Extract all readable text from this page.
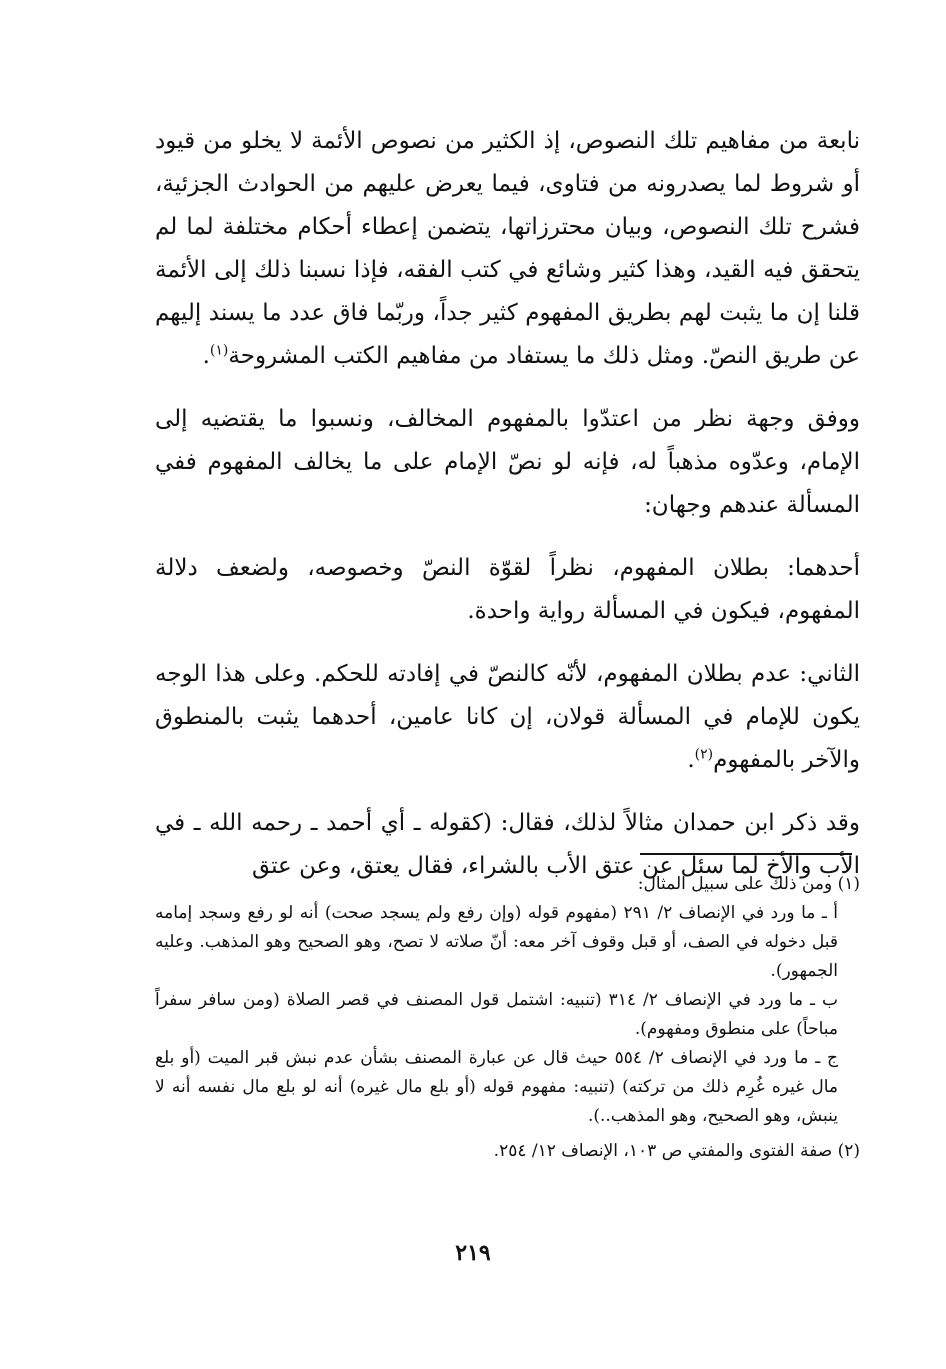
نابعة من مفاهيم تلك النصوص، إذ الكثير من نصوص الأئمة لا يخلو من قيود أو شروط لما يصدرونه من فتاوى، فيما يعرض عليهم من الحوادث الجزئية، فشرح تلك النصوص، وبيان محترزاتها، يتضمن إعطاء أحكام مختلفة لما لم يتحقق فيه القيد، وهذا كثير وشائع في كتب الفقه، فإذا نسبنا ذلك إلى الأئمة قلنا إن ما يثبت لهم بطريق المفهوم كثير جداً، وربّما فاق عدد ما يسند إليهم عن طريق النصّ. ومثل ذلك ما يستفاد من مفاهيم الكتب المشروحة$^{(١)}$.

ووفق وجهة نظر من اعتدّوا بالمفهوم المخالف، ونسبوا ما يقتضيه إلى الإمام، وعدّوه مذهباً له، فإنه لو نصّ الإمام على ما يخالف المفهوم ففي المسألة عندهم وجهان:

أحدهما: بطلان المفهوم، نظراً لقوّة النصّ وخصوصه، ولضعف دلالة المفهوم، فيكون في المسألة رواية واحدة.

الثاني: عدم بطلان المفهوم، لأنّه كالنصّ في إفادته للحكم. وعلى هذا الوجه يكون للإمام في المسألة قولان، إن كانا عامين، أحدهما يثبت بالمنطوق والآخر بالمفهوم$^{(٢)}$.

وقد ذكر ابن حمدان مثالاً لذلك، فقال: (كقوله ـ أي أحمد ـ رحمه الله ـ في الأب والأخ لما سئل عن عتق الأب بالشراء، فقال يعتق، وعن عتق

(١) ومن ذلك على سبيل المثال:

أ ـ ما ورد في الإنصاف ٢/ ٢٩١ (مفهوم قوله (وإن رفع ولم يسجد صحت) أنه لو رفع وسجد إمامه قبل دخوله في الصف، أو قبل وقوف آخر معه: أنّ صلاته لا تصح، وهو الصحيح وهو المذهب. وعليه الجمهور).

ب ـ ما ورد في الإنصاف ٢/ ٣١٤ (تنبيه: اشتمل قول المصنف في قصر الصلاة (ومن سافر سفراً مباحاً) على منطوق ومفهوم).

ج ـ ما ورد في الإنصاف ٢/ ٥٥٤ حيث قال عن عبارة المصنف بشأن عدم نبش قبر الميت (أو بلع مال غيره غُرِم ذلك من تركته) (تنبيه: مفهوم قوله (أو بلع مال غيره) أنه لو بلع مال نفسه أنه لا ينبش، وهو الصحيح، وهو المذهب..).

(٢) صفة الفتوى والمفتي ص ١٠٣، الإنصاف ١٢/ ٢٥٤.

٢١٩
